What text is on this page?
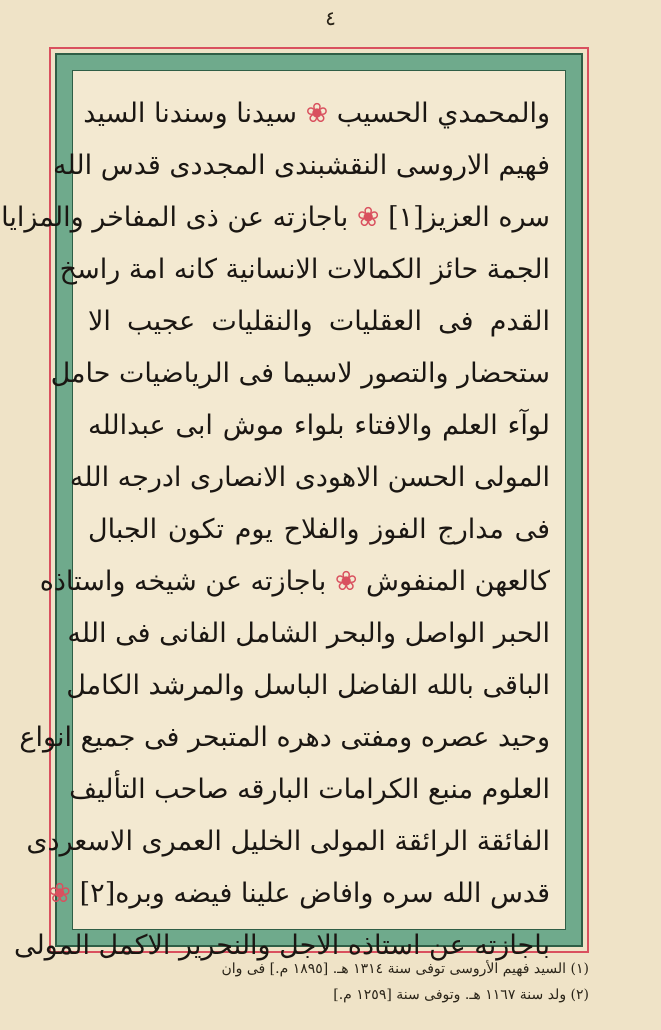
٤
والمحمدي الحسيب ❀ سيدنا وسندنا السيد
فهيم الاروسى النقشبندى المجددى قدس الله
سره العزيز[١] ❀ باجازته عن ذى المفاخر والمزايا
الجمة حائز الكمالات الانسانية كانه امة راسخ
القدم فى العقليات والنقليات عجيب الا
ستحضار والتصور لاسيما فى الرياضيات حامل
لوآء العلم والافتاء بلواء موش ابى عبدالله
المولى الحسن الاهودى الانصارى ادرجه الله
فى مدارج الفوز والفلاح يوم تكون الجبال
كالعهن المنفوش ❀ باجازته عن شيخه واستاذه
الحبر الواصل والبحر الشامل الفانى فى الله
الباقى بالله الفاضل الباسل والمرشد الكامل
وحيد عصره ومفتى دهره المتبحر فى جميع انواع
العلوم منبع الكرامات البارقه صاحب التأليف
الفائقة الرائقة المولى الخليل العمرى الاسعردى
قدس الله سره وافاض علينا فيضه وبره[٢] ❀
باجازته عن استاذه الاجل والنحرير الاكمل المولى
(١) السيد فهيم الأروسى توفى سنة ١٣١٤ هـ. [١٨٩٥ م.] فى وان
(٢) ولد سنة ١١٦٧ هـ. وتوفى سنة [١٢٥٩ م.]
